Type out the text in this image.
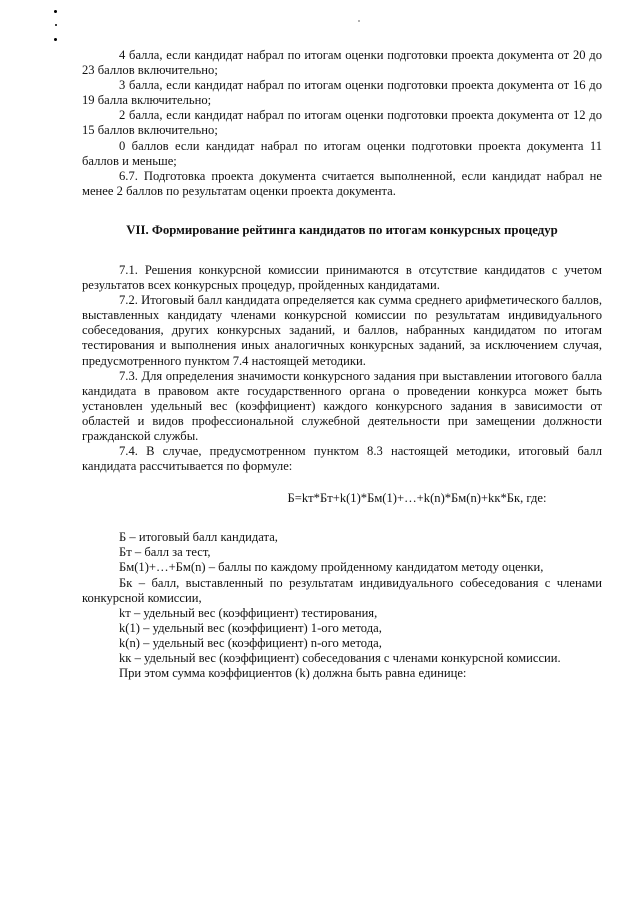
4 балла, если кандидат набрал по итогам оценки подготовки проекта документа от 20 до 23 баллов включительно;

3 балла, если кандидат набрал по итогам оценки подготовки проекта документа от 16 до 19 балла включительно;

2 балла, если кандидат набрал по итогам оценки подготовки проекта документа от 12 до 15 баллов включительно;

0 баллов если кандидат набрал по итогам оценки подготовки проекта документа 11 баллов и меньше;

6.7. Подготовка проекта документа считается выполненной, если кандидат набрал не менее 2 баллов по результатам оценки проекта документа.

VII. Формирование рейтинга кандидатов по итогам конкурсных процедур

7.1. Решения конкурсной комиссии принимаются в отсутствие кандидатов с учетом результатов всех конкурсных процедур, пройденных кандидатами.

7.2. Итоговый балл кандидата определяется как сумма среднего арифметического баллов, выставленных кандидату членами конкурсной комиссии по результатам индивидуального собеседования, других конкурсных заданий, и баллов, набранных кандидатом по итогам тестирования и выполнения иных аналогичных конкурсных заданий, за исключением случая, предусмотренного пунктом 7.4 настоящей методики.

7.3. Для определения значимости конкурсного задания при выставлении итогового балла кандидата в правовом акте государственного органа о проведении конкурса может быть установлен удельный вес (коэффициент) каждого конкурсного задания в зависимости от областей и видов профессиональной служебной деятельности при замещении должности гражданской службы.

7.4. В случае, предусмотренном пунктом 8.3 настоящей методики, итоговый балл кандидата рассчитывается по формуле:

Б=kт*Бт+k(1)*Бм(1)+…+k(n)*Бм(n)+kк*Бк, где:

Б – итоговый балл кандидата,

Бт – балл за тест,

Бм(1)+…+Бм(n) – баллы по каждому пройденному кандидатом методу оценки,

Бк – балл, выставленный по результатам индивидуального собеседования с членами конкурсной комиссии,

kт – удельный вес (коэффициент) тестирования,

k(1) – удельный вес (коэффициент) 1-ого метода,

k(n) – удельный вес (коэффициент) n-ого метода,

kк – удельный вес (коэффициент) собеседования с членами конкурсной комиссии.

При этом сумма коэффициентов (k) должна быть равна единице:
